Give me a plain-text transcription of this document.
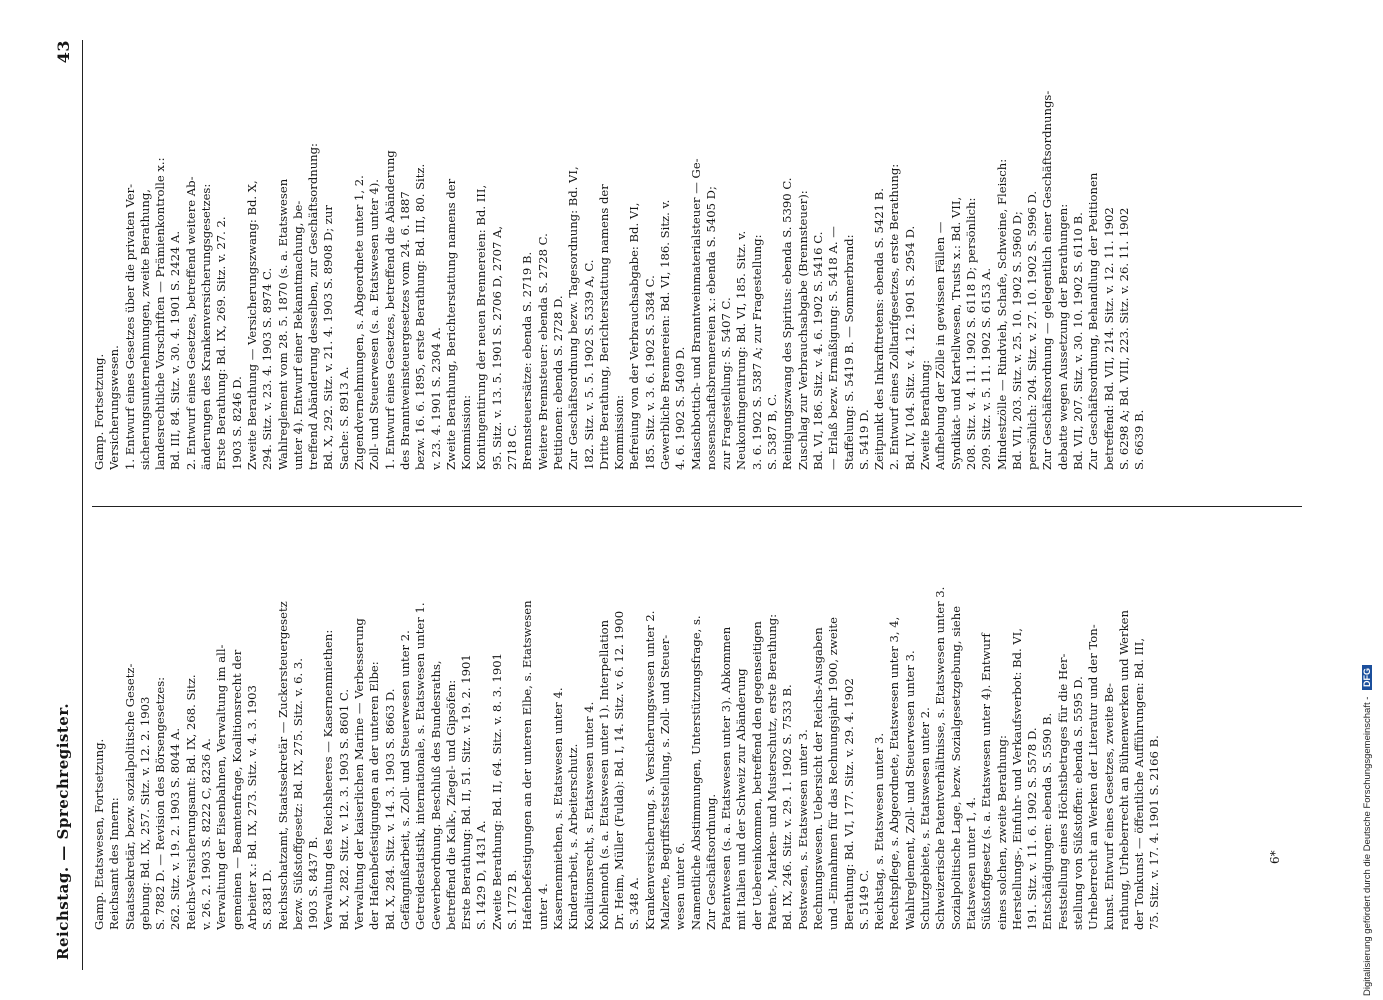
Reichstag. — Sprechregister.
43
Gamp. Etatswesen, Fortsetzung. Reichsamt des Innern: Staatssekretär, bezw. sozialpolitische Gesetz- gebung: Bd. IX, 257. Sitz. v. 12. 2. 1903 S. 7882 D. — Revision des Börsengesetzes: 262. Sitz. v. 19. 2. 1903 S. 8044 A. Reichs-Versicherungsamt: Bd. IX, 268. Sitz. v. 26. 2. 1903 S. 8222 C, 8236 A. Verwaltung der Eisenbahnen, Verwaltung im all- gemeinen — Beamtenfrage, Koalitionsrecht der Arbeiter x.: Bd. IX, 273. Sitz. v. 4. 3. 1903 S. 8381 D. Reichsschatzamt, Staatssekretär — Zuckersteuergesetz bezw. Süßstoffgesetz: Bd. IX, 275. Sitz. v. 6. 3. 1903 S. 8437 B. Verwaltung des Reichsheeres — Kasernenmiethen: Bd. X, 282. Sitz. v. 12. 3. 1903 S. 8601 C. Verwaltung der kaiserlichen Marine — Verbesserung der Hafenbefestigungen an der unteren Elbe: Bd. X, 284. Sitz. v. 14. 3. 1903 S. 8663 D. Gefängnißarbeit, s. Zoll- und Steuerwesen unter 2. Getreidestatistik, internationale, s. Etatswesen unter 1. Gewerbeordnung. Beschluß des Bundesraths, betreffend die Kalk-, Ziegel- und Gipsöfen: Erste Berathung: Bd. II, 51. Sitz. v. 19. 2. 1901 S. 1429 D, 1431 A. Zweite Berathung: Bd. II, 64. Sitz. v. 8. 3. 1901 S. 1772 B. Hafenbefestigungen an der unteren Elbe, s. Etatswesen unter 4. Kasernenmiethen, s. Etatswesen unter 4. Kinderarbeit, s. Arbeiterschutz. Koalitionsrecht, s. Etatswesen unter 4. Kohlennoth (s. a. Etatswesen unter 1). Interpellation Dr. Heim, Müller (Fulda): Bd. I, 14. Sitz. v. 6. 12. 1900 S. 348 A. Krankenversicherung, s. Versicherungswesen unter 2. Malzerte, Begriffsfeststellung, s. Zoll- und Steuer- wesen unter 6. Namentliche Abstimmungen, Unterstützungsfrage, s. Zur Geschäftsordnung. Patentwesen (s. a. Etatswesen unter 3). Abkommen mit Italien und der Schweiz zur Abänderung der Uebereinkommen, betreffend den gegenseitigen Patent-, Marken- und Musterschutz, erste Berathung: Bd. IX, 246. Sitz. v. 29. 1. 1902 S. 7533 B. Postwesen, s. Etatswesen unter 3. Rechnungswesen. Uebersicht der Reichs-Ausgaben und -Einnahmen für das Rechnungsjahr 1900, zweite Berathung: Bd. VI, 177. Sitz. v. 29. 4. 1902 S. 5149 C. Reichstag, s. Etatswesen unter 3. Rechtspflege, s. Abgeordnete, Etatswesen unter 3, 4, Wahlreglement, Zoll- und Steuerwesen unter 3. Schutzgebiete, s. Etatswesen unter 2. Schweizerische Patentverhältnisse, s. Etatswesen unter 3. Sozialpolitische Lage, bezw. Sozialgesetzgebung, siehe Etatswesen unter 1, 4. Süßstoffgesetz (s. a. Etatswesen unter 4). Entwurf eines solchen, zweite Berathung: Herstellungs-, Einfuhr- und Verkaufsverbot: Bd. VI, 191. Sitz. v. 11. 6. 1902 S. 5578 D. Entschädigungen: ebenda S. 5590 B. Feststellung eines Höchstbetrages für die Her- stellung von Süßstoffen: ebenda S. 5595 D. Urheberrecht an Werken der Literatur und der Ton- kunst. Entwurf eines Gesetzes, zweite Be- rathung, Urheberrecht an Bühnenwerken und Werken der Tonkunst — öffentliche Aufführungen: Bd. III, 75. Sitz. v. 17. 4. 1901 S. 2166 B.
Gamp. Fortsetzung. Versicherungswesen. 1. Entwurf eines Gesetzes über die privaten Ver- sicherungsunternehmungen, zweite Berathung, landesrechtliche Vorschriften — Prämienkontrolle x.: Bd. III, 84. Sitz. v. 30. 4. 1901 S. 2424 A. 2. Entwurf eines Gesetzes, betreffend weitere Ab- änderungen des Krankenversicherungsgesetzes: Erste Berathung: Bd. IX, 269. Sitz. v. 27. 2. 1903 S. 8246 D. Zweite Berathung — Versicherungszwang: Bd. X, 294. Sitz. v. 23. 4. 1903 S. 8974 C. Wahlreglement vom 28. 5. 1870 (s. a. Etatswesen unter 4). Entwurf einer Bekanntmachung, be- treffend Abänderung desselben, zur Geschäftsordnung: Bd. X, 292. Sitz. v. 21. 4. 1903 S. 8908 D; zur Sache: S. 8913 A. Zugendvernehmungen, s. Abgeordnete unter 1, 2. Zoll- und Steuerwesen (s. a. Etatswesen unter 4). 1. Entwurf eines Gesetzes, betreffend die Abänderung des Branntweinsteuergesetzes vom 24. 6. 1887 bezw. 16. 6. 1895, erste Berathung: Bd. III, 80. Sitz. v. 23. 4. 1901 S. 2304 A. Zweite Berathung, Berichterstattung namens der Kommission: Kontingentirung der neuen Brennereien: Bd. III, 95. Sitz. v. 13. 5. 1901 S. 2706 D, 2707 A, 2718 C. Brennsteuersätze: ebenda S. 2719 B. Weitere Brennsteuer: ebenda S. 2728 C. Petitionen: ebenda S. 2728 D. Zur Geschäftsordnung bezw. Tagesordnung: Bd. VI, 182. Sitz. v. 5. 5. 1902 S. 5339 A, C. Dritte Berathung, Berichterstattung namens der Kommission: Befreiung von der Verbrauchsabgabe: Bd. VI, 185. Sitz. v. 3. 6. 1902 S. 5384 C. Gewerbliche Brennereien: Bd. VI, 186. Sitz. v. 4. 6. 1902 S. 5409 D. Maischbottich- und Branntweinmaterialsteuer — Ge- nossenschaftsbrennereien x.: ebenda S. 5405 D; zur Fragestellung: S. 5407 C. Neukontingentirung: Bd. VI, 185. Sitz. v. 3. 6. 1902 S. 5387 A; zur Fragestellung: S. 5387 B, C. Reinigungszwang des Spiritus: ebenda S. 5390 C. Zuschlag zur Verbrauchsabgabe (Brennsteuer): Bd. VI, 186. Sitz. v. 4. 6. 1902 S. 5416 C. — Erlaß bezw. Ermäßigung: S. 5418 A. — Staffelung: S. 5419 B. — Sommerbrand: S. 5419 D. Zeitpunkt des Inkrafttretens: ebenda S. 5421 B. 2. Entwurf eines Zolltarifgesetzes, erste Berathung: Bd. IV, 104. Sitz. v. 4. 12. 1901 S. 2954 D. Zweite Berathung: Aufhebung der Zölle in gewissen Fällen — Syndikat- und Kartellwesen, Trusts x.: Bd. VII, 208. Sitz. v. 4. 11. 1902 S. 6118 D; persönlich: 209. Sitz. v. 5. 11. 1902 S. 6153 A. Mindestzölle — Rindvieh, Schafe, Schweine, Fleisch: Bd. VII, 203. Sitz. v. 25. 10. 1902 S. 5960 D; persönlich: 204. Sitz. v. 27. 10. 1902 S. 5996 D. Zur Geschäftsordnung — gelegentlich einer Geschäftsordnungs- debatte wegen Aussetzung der Berathungen: Bd. VII, 207. Sitz. v. 30. 10. 1902 S. 6110 B. Zur Geschäftsordnung, Behandlung der Petitionen betreffend: Bd. VII, 214. Sitz. v. 12. 11. 1902 S. 6298 A; Bd. VIII, 223. Sitz. v. 26. 11. 1902 S. 6639 B.
6*	Digitalisierung gefördert durch die Deutsche Forschungsgemeinschaft - DFG
